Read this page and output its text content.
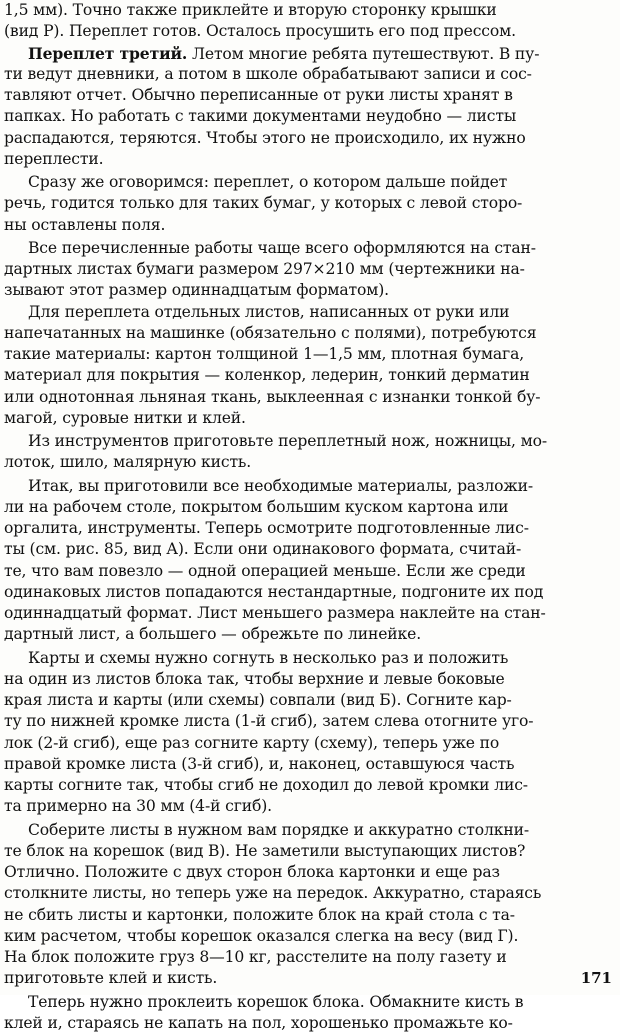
1,5 мм). Точно также приклейте и вторую сторонку крышки
(вид Р). Переплет готов. Осталось просушить его под прессом.
Переплет третий. Летом многие ребята путешествуют. В пу-
ти ведут дневники, а потом в школе обрабатывают записи и сос-
тавляют отчет. Обычно переписанные от руки листы хранят в
папках. Но работать с такими документами неудобно — листы
распадаются, теряются. Чтобы этого не происходило, их нужно
переплести.
Сразу же оговоримся: переплет, о котором дальше пойдет
речь, годится только для таких бумаг, у которых с левой сторо-
ны оставлены поля.
Все перечисленные работы чаще всего оформляются на стан-
дартных листах бумаги размером 297×210 мм (чертежники на-
зывают этот размер одиннадцатым форматом).
Для переплета отдельных листов, написанных от руки или
напечатанных на машинке (обязательно с полями), потребуются
такие материалы: картон толщиной 1—1,5 мм, плотная бумага,
материал для покрытия — коленкор, ледерин, тонкий дерматин
или однотонная льняная ткань, выклеенная с изнанки тонкой бу-
магой, суровые нитки и клей.
Из инструментов приготовьте переплетный нож, ножницы, мо-
лоток, шило, малярную кисть.
Итак, вы приготовили все необходимые материалы, разложи-
ли на рабочем столе, покрытом большим куском картона или
оргалита, инструменты. Теперь осмотрите подготовленные лис-
ты (см. рис. 85, вид А). Если они одинакового формата, считай-
те, что вам повезло — одной операцией меньше. Если же среди
одинаковых листов попадаются нестандартные, подгоните их под
одиннадцатый формат. Лист меньшего размера наклейте на стан-
дартный лист, а большего — обрежьте по линейке.
Карты и схемы нужно согнуть в несколько раз и положить
на один из листов блока так, чтобы верхние и левые боковые
края листа и карты (или схемы) совпали (вид Б). Согните кар-
ту по нижней кромке листа (1-й сгиб), затем слева отогните уго-
лок (2-й сгиб), еще раз согните карту (схему), теперь уже по
правой кромке листа (3-й сгиб), и, наконец, оставшуюся часть
карты согните так, чтобы сгиб не доходил до левой кромки лис-
та примерно на 30 мм (4-й сгиб).
Соберите листы в нужном вам порядке и аккуратно столкни-
те блок на корешок (вид В). Не заметили выступающих листов?
Отлично. Положите с двух сторон блока картонки и еще раз
столкните листы, но теперь уже на передок. Аккуратно, стараясь
не сбить листы и картонки, положите блок на край стола с та-
ким расчетом, чтобы корешок оказался слегка на весу (вид Г).
На блок положите груз 8—10 кг, расстелите на полу газету и
приготовьте клей и кисть.
Теперь нужно проклеить корешок блока. Обмакните кисть в
клей и, стараясь не капать на пол, хорошенько промажьте ко-
171
